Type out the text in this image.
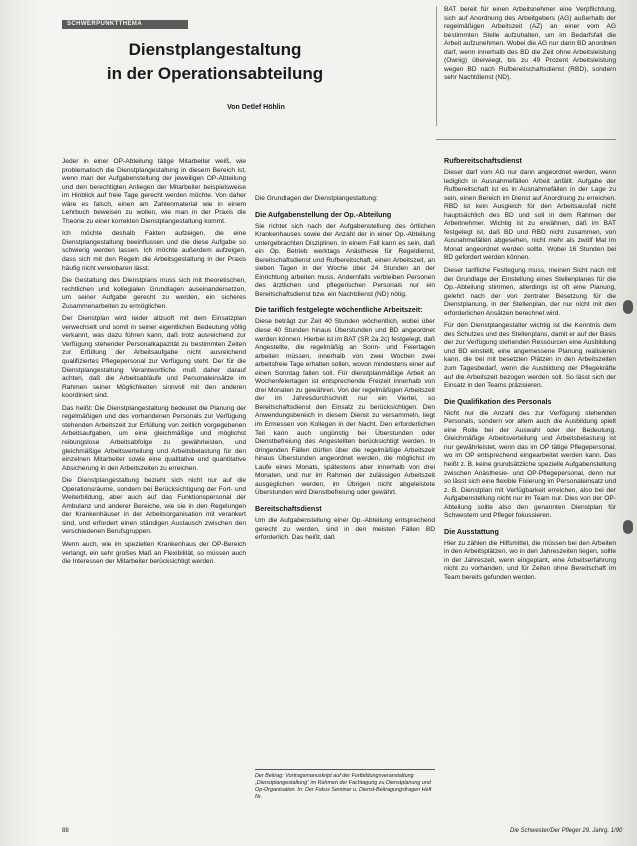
SCHWERPUNKTTHEMA
Dienstplangestaltung
in der Operationsabteilung
Von Detlef Höhlin

Jeder in einer OP-Abteilung tätige Mitarbeiter weiß, wie problematisch die Dienstplangestaltung in diesem Bereich ist, wenn man der Aufgabenstellung der jeweiligen OP-Abteilung und den berechtigten Anliegen der Mitarbeiter beispielsweise im Hinblick auf freie Tage gerecht werden möchte. Von daher wäre es falsch, einen am Zahlenmaterial wie in einem Lehrbuch beweisen zu wollen, wie man in der Praxis die Theorie zu einer korrekten Dienstplangestaltung kommt.

Ich möchte deshalb Fakten aufzeigen, die eine Dienstplangestaltung beeinflussen und die diese Aufgabe so schwierig werden lassen. Ich möchte außerdem aufzeigen, dass sich mit den Regeln die Arbeitsgestaltung in der Praxis häufig nicht vereinbaren lässt.

Die Gestaltung des Dienstplans muss sich mit theoretischen, rechtlichen und kollegialen Grundlagen auseinandersetzen, um seiner Aufgabe gerecht zu werden, ein sicheres Zusammenarbeiten zu ermöglichen.

Der Dienstplan wird leider allzuoft mit dem Einsatzplan verwechselt und somit in seiner eigentlichen Bedeutung völlig verkannt, was dazu führen kann, daß trotz ausreichend zur Verfügung stehender Personalkapazität zu bestimmten Zeiten zur Erfüllung der Arbeitsaufgabe nicht ausreichend qualifiziertes Pflegepersonal zur Verfügung steht. Der für die Dienstplangestaltung Verantwortliche muß daher darauf achten, daß die Arbeitsabläufe und Personaleinsätze im Rahmen seiner Möglichkeiten sinnvoll mit den anderen koordiniert sind.

Das heißt: Die Dienstplangestaltung bedeutet die Planung der regelmäßigen und des vorhandenen Personals zur Verfügung stehenden Arbeitszeit zur Erfüllung von zeitlich vorgegebenen Arbeitsaufgaben, um eine gleichmäßige und möglichst reibungslose Arbeitsabfolge zu gewährleisten, und gleichmäßige Arbeitsverteilung und Arbeitsbelastung für den einzelnen Mitarbeiter sowie eine qualitative und quantitative Absicherung in den Arbeitszeiten zu erreichen.

Die Dienstplangestaltung bezieht sich nicht nur auf die Operationsräume, sondern bei Berücksichtigung der Fort- und Weiterbildung, aber auch auf das Funktionspersonal der Ambulanz und anderer Bereiche, wie sie in den Regelungen der Krankenhäuser in der Arbeitsorganisation mit verankert sind, und erfordert einen ständigen Austausch zwischen den verschiedenen Berufsgruppen.

Wenn auch, wie im speziellen Krankenhaus der OP-Bereich verlangt, ein sehr großes Maß an Flexibilität, so müssen auch die Interessen der Mitarbeiter berücksichtigt werden.

Die Grundlagen der Dienstplangestaltung:

Die Aufgabenstellung der Op.-Abteilung

Sie richtet sich nach der Aufgabenstellung des örtlichen Krankenhauses sowie der Anzahl der in einer Op.-Abteilung untergebrachten Disziplinen. In einem Fall kann es sein, daß ein Op. Betrieb werktags Anästhesie für Regeldienst, Bereitschaftsdienst und Rufbereitschaft, einen Arbeitszeit, an sieben Tagen in der Woche über 24 Stunden an der Einrichtung arbeiten muss. Andernfalls verbleiben Personen des ärztlichen und pflegerischen Personals nur ein Bereitschaftsdienst bzw. ein Nachtdienst (ND) nötig.

Die tariflich festgelegte wöchentliche Arbeitszeit:

Diese beträgt zur Zeit 40 Stunden wöchentlich, wobei über diese 40 Stunden hinaus Überstunden und BD angeordnet werden können. Hierbei ist im BAT (SR 2a 2c) festgelegt, daß Angestellte, die regelmäßig an Sonn- und Feiertagen arbeiten müssen, innerhalb von zwei Wochen zwei arbeitsfreie Tage erhalten sollen, wovon mindestens einer auf einen Sonntag fallen soll. Für dienstplanmäßige Arbeit an Wochenfeiertagen ist entsprechende Freizeit innerhalb von drei Monaten zu gewähren. Von der regelmäßigen Arbeitszeit der im Jahresdurchschnitt nur ein Viertel, so Bereitschaftsdienst den Einsatz zu berücksichtigen. Den Anwendungsbereich in diesem Dienst zu versammeln, liegt im Ermessen von Kollegen in der Nacht. Den erforderlichen Teil kann auch ungünstig bei Überstunden oder Dienstbefreiung des Angestellten berücksichtigt werden. In dringenden Fällen dürfen über die regelmäßige Arbeitszeit hinaus Überstunden angeordnet werden, die möglichst im Laufe eines Monats, spätestens aber innerhalb von drei Monaten, und nur im Rahmen der zulässigen Arbeitszeit ausgeglichen werden, im Übrigen nicht abgeleistete Überstunden wird Dienstbefreiung oder gewährt.

Bereitschaftsdienst

Um die Aufgabenstellung einer Op.-Abteilung entsprechend gerecht zu werden, sind in den meisten Fällen BD erforderlich. Das heißt, daß

Der Beitrag: Vortragsmanuskript auf der Fortbildungsveranstaltung „Dienstplangestaltung“ im Rahmen der Fachtagung zu Dienstplanung und Op-Organisation. In: Der Fokus Seminar u. Dienst-Beitragungsfragen Heft Nr.

BAT bereit für einen Arbeitsnehmer eine Verpflichtung, sich auf Anordnung des Arbeitgebers (AG) außerhalb der regelmäßigen Arbeitszeit (AZ) an einer vom AG bestimmten Stelle aufzuhalten, um im Bedarfsfall die Arbeit aufzunehmen. Wobei die AG nur dann BD anordnen darf, wenn innerhalb des BD die Zeit ohne Arbeitsleistung (Ownig) überwiegt, bis zu 49 Prozent Arbeitsleistung wegen BD nach Rufbereitschaftsdienst (RBD), sondern sehr Nachtdienst (ND).

Rufbereitschaftsdienst

Dieser darf vom AG nur dann angeordnet werden, wenn lediglich in Ausnahmefällen Arbeit anfällt. Aufgabe der Rufbereitschaft ist es in Ausnahmefällen in der Lage zu sein, einen Bereich im Dienst auf Anordnung zu erreichen. RBD ist kein Ausgleich für den Arbeitsausfall nicht hauptsächlich des BD und soll in dem Rahmen der Arbeitnehmer. Wichtig ist zu erwähnen, daß im BAT festgelegt ist, daß BD und RBD nicht zusammen, von Ausnahmefällen abgesehen, nicht mehr als zwölf Mal im Monat angeordnet werden sollte. Wobei 16 Stunden bei BD gefordert werden können.

Dieser tarifliche Festlegung muss, meinen Sicht nach mit der Grundlage der Einstellung eines Stellenplanes für die Op.-Abteilung stimmen, allerdings ist oft eine Planung, gelehrt nach der von zentraler Besetzung für die Dienstplanung, in der Stellenplan, der nur nicht mit den erforderlichen Ansätzen berechnet wird.

Für den Dienstplangestalter wichtig ist die Kenntnis dem des Schutzes und des Stellenplans, damit er auf der Basis der zur Verfügung stehenden Ressourcen eine Ausbildung und BD einstellt, eine angemessene Planung realisieren kann, die bei mit besetzten Plätzen in den Arbeitszeiten zum Tagesbedarf, wenn die Ausbildung der Pflegekräfte auf die Arbeitszeit bezogen werden soll. So lässt sich der Einsatz in den Teams präzisieren.

Die Qualifikation des Personals

Nicht nur die Anzahl des zur Verfügung stehenden Personals, sondern vor allem auch die Ausbildung spielt eine Rolle bei der Auswahl oder der Bedeutung. Gleichmäßige Arbeitsverteilung und Arbeitsbelastung ist nur gewährleistet, wenn das im OP tätige Pflegepersonal, wo im OP entsprechend eingearbeitet werden kann. Das heißt z. B. keine grundsätzliche spezielle Aufgabenstellung zwischen Anästhesie- und OP-Pflegepersonal, denn nur so lässt sich eine flexible Fixierung im Personaleinsatz und z. B. Dienstplan mit Verfügbarkeit erreichen, also bei der Aufgabenstellung nicht nur im Team nur. Dies von der OP-Abteilung sollte also den genannten Dienstplan für Schwestern und Pfleger fokussieren.

Die Ausstattung

Hier zu zählen die Hilfsmittel, die müssen bei den Arbeiten in den Arbeitsplätzen, wo in den Jahreszeiten liegen, sollte in der Jahreszeit, wenn eingeplant, eine Arbeitserfahrung nicht zu vorhanden, und für Zeiten ohne Bereitschaft im Team bereits gefunden werden.

88	Die Schwester/Der Pfleger 29. Jahrg. 1/90
